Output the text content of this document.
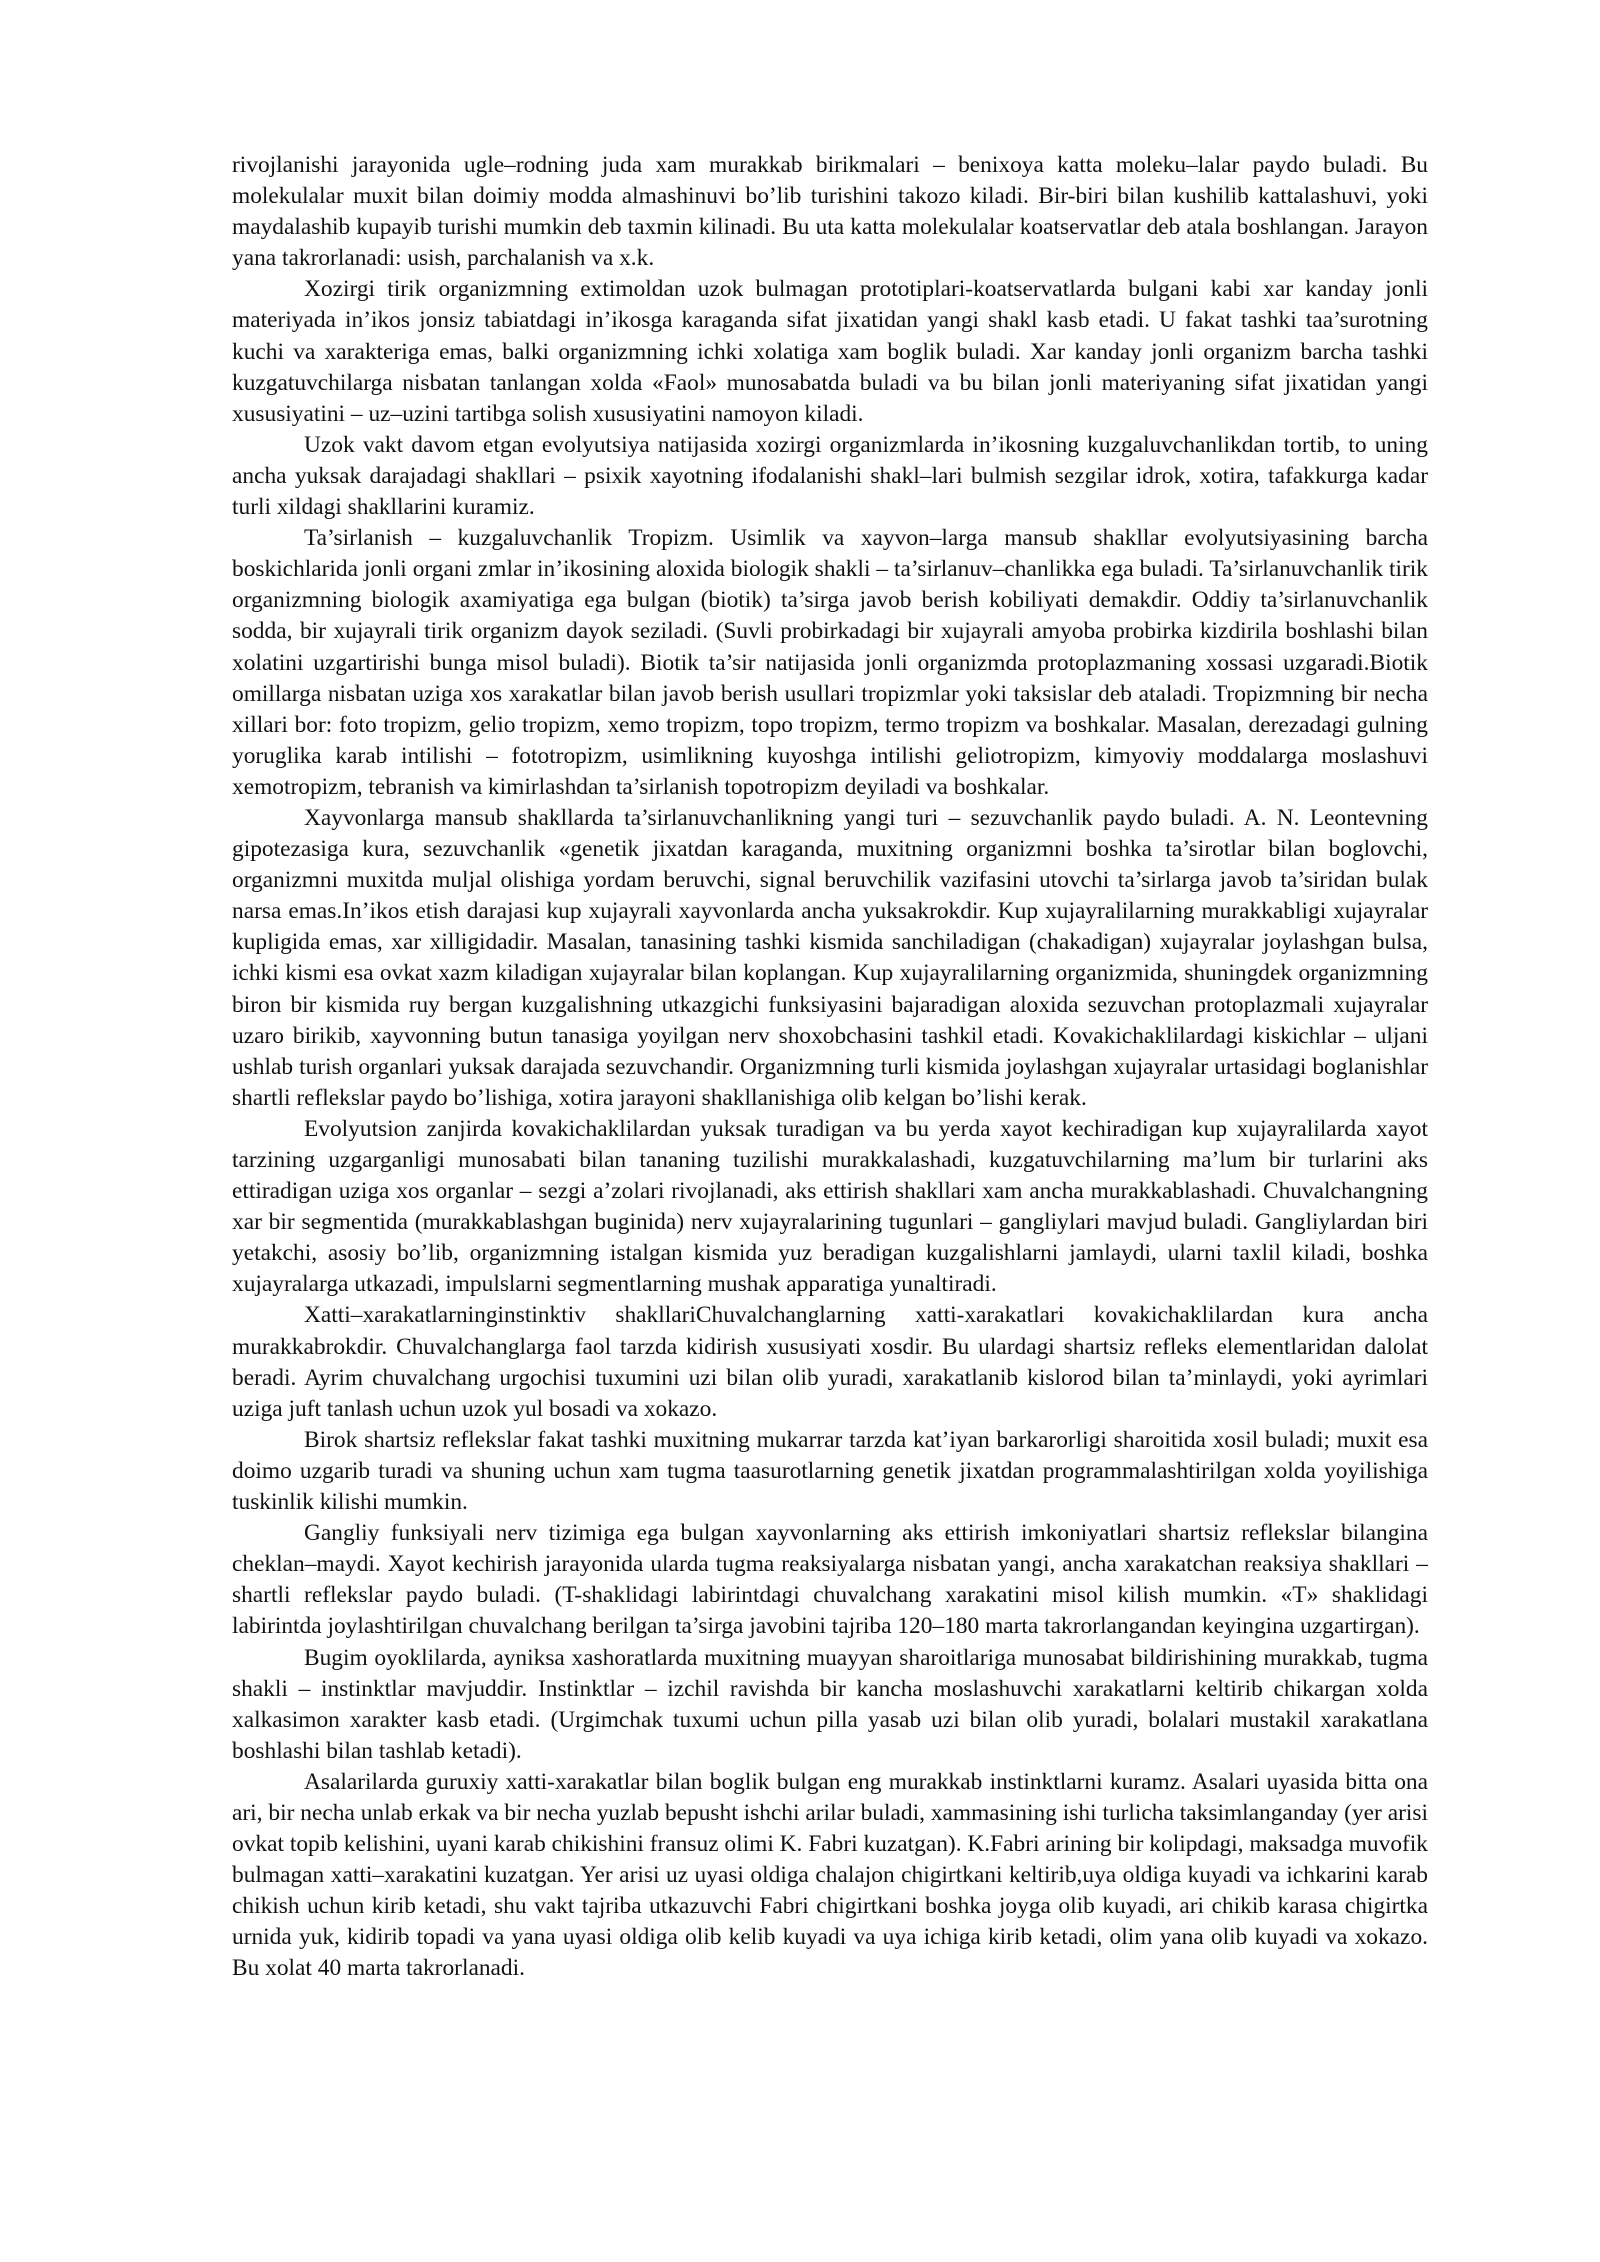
rivojlanishi jarayonida ugle–rodning juda xam murakkab birikmalari – benixoya katta moleku–lalar paydo buladi. Bu molekulalar muxit bilan doimiy modda almashinuvi bo’lib turishini takozo kiladi. Bir-biri bilan kushilib kattalashuvi, yoki maydalashib kupayib turishi mumkin deb taxmin kilinadi. Bu uta katta molekulalar koatservatlar deb atala boshlangan. Jarayon yana takrorlanadi: usish, parchalanish va x.k.

Xozirgi tirik organizmning extimoldan uzok bulmagan prototiplari-koatservatlarda bulgani kabi xar kanday jonli materiyada in’ikos jonsiz tabiatdagi in’ikosga karaganda sifat jixatidan yangi shakl kasb etadi. U fakat tashki taa’surotning kuchi va xarakteriga emas, balki organizmning ichki xolatiga xam boglik buladi. Xar kanday jonli organizm barcha tashki kuzgatuvchilarga nisbatan tanlangan xolda «Faol» munosabatda buladi va bu bilan jonli materiyaning sifat jixatidan yangi xususiyatini – uz–uzini tartibga solish xususiyatini namoyon kiladi.

Uzok vakt davom etgan evolyutsiya natijasida xozirgi organizmlarda in’ikosning kuzgaluvchanlikdan tortib, to uning ancha yuksak darajadagi shakllari – psixik xayotning ifodalanishi shakl–lari bulmish sezgilar idrok, xotira, tafakkurga kadar turli xildagi shakllarini kuramiz.

Ta’sirlanish – kuzgaluvchanlik Tropizm. Usimlik va xayvon–larga mansub shakllar evolyutsiyasining barcha boskichlarida jonli organi zmlar in’ikosining aloxida biologik shakli – ta’sirlanuv–chanlikka ega buladi. Ta’sirlanuvchanlik tirik organizmning biologik axamiyatiga ega bulgan (biotik) ta’sirga javob berish kobiliyati demakdir. Oddiy ta’sirlanuvchanlik sodda, bir xujayrali tirik organizm dayok seziladi. (Suvli probirkadagi bir xujayrali amyoba probirka kizdirila boshlashi bilan xolatini uzgartirishi bunga misol buladi). Biotik ta’sir natijasida jonli organizmda protoplazmaning xossasi uzgaradi.Biotik omillarga nisbatan uziga xos xarakatlar bilan javob berish usullari tropizmlar yoki taksislar deb ataladi. Tropizmning bir necha xillari bor: foto tropizm, gelio tropizm, xemo tropizm, topo tropizm, termo tropizm va boshkalar. Masalan, derezadagi gulning yoruglika karab intilishi – fototropizm, usimlikning kuyoshga intilishi geliotropizm, kimyoviy moddalarga moslashuvi xemotropizm, tebranish va kimirlashdan ta’sirlanish topotropizm deyiladi va boshkalar.

Xayvonlarga mansub shakllarda ta’sirlanuvchanlikning yangi turi – sezuvchanlik paydo buladi. A. N. Leontevning gipotezasiga kura, sezuvchanlik «genetik jixatdan karaganda, muxitning organizmni boshka ta’sirotlar bilan boglovchi, organizmni muxitda muljal olishiga yordam beruvchi, signal beruvchilik vazifasini utovchi ta’sirlarga javob ta’siridan bulak narsa emas.In’ikos etish darajasi kup xujayrali xayvonlarda ancha yuksakrokdir. Kup xujayralilarning murakkabligi xujayralar kupligida emas, xar xilligidadir. Masalan, tanasining tashki kismida sanchiladigan (chakadigan) xujayralar joylashgan bulsa, ichki kismi esa ovkat xazm kiladigan xujayralar bilan koplangan. Kup xujayralilarning organizmida, shuningdek organizmning biron bir kismida ruy bergan kuzgalishning utkazgichi funksiyasini bajaradigan aloxida sezuvchan protoplazmali xujayralar uzaro birikib, xayvonning butun tanasiga yoyilgan nerv shoxobchasini tashkil etadi. Kovakichaklilardagi kiskichlar – uljani ushlab turish organlari yuksak darajada sezuvchandir. Organizmning turli kismida joylashgan xujayralar urtasidagi boglanishlar shartli reflekslar paydo bo’lishiga, xotira jarayoni shakllanishiga olib kelgan bo’lishi kerak.

Evolyutsion zanjirda kovakichaklilardan yuksak turadigan va bu yerda xayot kechiradigan kup xujayralilarda xayot tarzining uzgarganligi munosabati bilan tananing tuzilishi murakkalashadi, kuzgatuvchilarning ma’lum bir turlarini aks ettiradigan uziga xos organlar – sezgi a’zolari rivojlanadi, aks ettirish shakllari xam ancha murakkablashadi. Chuvalchangning xar bir segmentida (murakkablashgan buginida) nerv xujayralarining tugunlari – gangliylari mavjud buladi. Gangliylardan biri yetakchi, asosiy bo’lib, organizmning istalgan kismida yuz beradigan kuzgalishlarni jamlaydi, ularni taxlil kiladi, boshka xujayralarga utkazadi, impulslarni segmentlarning mushak apparatiga yunaltiradi.

Xatti–xarakatlarninginstinktiv shakllariChuvalchanglarning xatti-xarakatlari kovakichaklilardan kura ancha murakkabrokdir. Chuvalchanglarga faol tarzda kidirish xususiyati xosdir. Bu ulardagi shartsiz refleks elementlaridan dalolat beradi. Ayrim chuvalchang urgochisi tuxumini uzi bilan olib yuradi, xarakatlanib kislorod bilan ta’minlaydi, yoki ayrimlari uziga juft tanlash uchun uzok yul bosadi va xokazo.

Birok shartsiz reflekslar fakat tashki muxitning mukarrar tarzda kat’iyan barkarorligi sharoitida xosil buladi; muxit esa doimo uzgarib turadi va shuning uchun xam tugma taasurotlarning genetik jixatdan programmalashtirilgan xolda yoyilishiga tuskinlik kilishi mumkin.

Gangliy funksiyali nerv tizimiga ega bulgan xayvonlarning aks ettirish imkoniyatlari shartsiz reflekslar bilangina cheklan–maydi. Xayot kechirish jarayonida ularda tugma reaksiyalarga nisbatan yangi, ancha xarakatchan reaksiya shakllari – shartli reflekslar paydo buladi. (T-shaklidagi labirintdagi chuvalchang xarakatini misol kilish mumkin. «T» shaklidagi labirintda joylashtirilgan chuvalchang berilgan ta’sirga javobini tajriba 120–180 marta takrorlangandan keyingina uzgartirgan).

Bugim oyoklilarda, ayniksa xashoratlarda muxitning muayyan sharoitlariga munosabat bildirishining murakkab, tugma shakli – instinktlar mavjuddir. Instinktlar – izchil ravishda bir kancha moslashuvchi xarakatlarni keltirib chikargan xolda xalkasimon xarakter kasb etadi. (Urgimchak tuxumi uchun pilla yasab uzi bilan olib yuradi, bolalari mustakil xarakatlana boshlashi bilan tashlab ketadi).

Asalarilarda guruxiy xatti-xarakatlar bilan boglik bulgan eng murakkab instinktlarni kuramz. Asalari uyasida bitta ona ari, bir necha unlab erkak va bir necha yuzlab bepusht ishchi arilar buladi, xammasining ishi turlicha taksimlanganday (yer arisi ovkat topib kelishini, uyani karab chikishini fransuz olimi K. Fabri kuzatgan). K.Fabri arining bir kolipdagi, maksadga muvofik bulmagan xatti–xarakatini kuzatgan. Yer arisi uz uyasi oldiga chalajon chigirtkani keltirib,uya oldiga kuyadi va ichkarini karab chikish uchun kirib ketadi, shu vakt tajriba utkazuvchi Fabri chigirtkani boshka joyga olib kuyadi, ari chikib karasa chigirtka urnida yuk, kidirib topadi va yana uyasi oldiga olib kelib kuyadi va uya ichiga kirib ketadi, olim yana olib kuyadi va xokazo. Bu xolat 40 marta takrorlanadi.
